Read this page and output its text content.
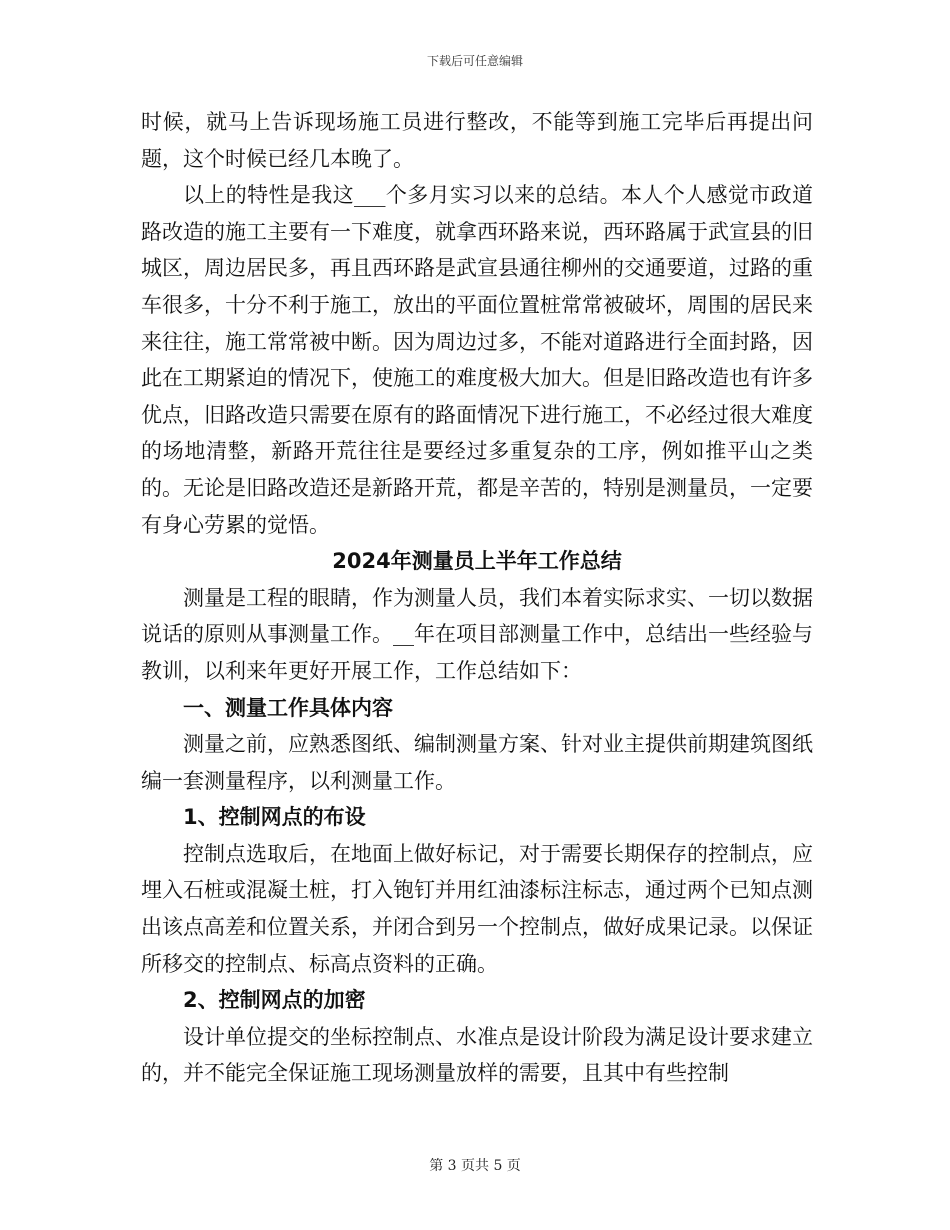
下载后可任意编辑

时候，就马上告诉现场施工员进行整改，不能等到施工完毕后再提出问题，这个时候已经几本晚了。

以上的特性是我这___个多月实习以来的总结。本人个人感觉市政道路改造的施工主要有一下难度，就拿西环路来说，西环路属于武宣县的旧城区，周边居民多，再且西环路是武宣县通往柳州的交通要道，过路的重车很多，十分不利于施工，放出的平面位置桩常常被破坏，周围的居民来来往往，施工常常被中断。因为周边过多，不能对道路进行全面封路，因此在工期紧迫的情况下，使施工的难度极大加大。但是旧路改造也有许多优点，旧路改造只需要在原有的路面情况下进行施工，不必经过很大难度的场地清整，新路开荒往往是要经过多重复杂的工序，例如推平山之类的。无论是旧路改造还是新路开荒，都是辛苦的，特别是测量员，一定要有身心劳累的觉悟。

2024年测量员上半年工作总结

测量是工程的眼睛，作为测量人员，我们本着实际求实、一切以数据说话的原则从事测量工作。__年在项目部测量工作中，总结出一些经验与教训，以利来年更好开展工作，工作总结如下：

一、测量工作具体内容

测量之前，应熟悉图纸、编制测量方案、针对业主提供前期建筑图纸编一套测量程序，以利测量工作。

1、控制网点的布设

控制点选取后，在地面上做好标记，对于需要长期保存的控制点，应埋入石桩或混凝土桩，打入铇钉并用红油漆标注标志，通过两个已知点测出该点高差和位置关系，并闭合到另一个控制点，做好成果记录。以保证所移交的控制点、标高点资料的正确。

2、控制网点的加密

设计单位提交的坐标控制点、水准点是设计阶段为满足设计要求建立的，并不能完全保证施工现场测量放样的需要，且其中有些控制

第 3 页共 5 页
